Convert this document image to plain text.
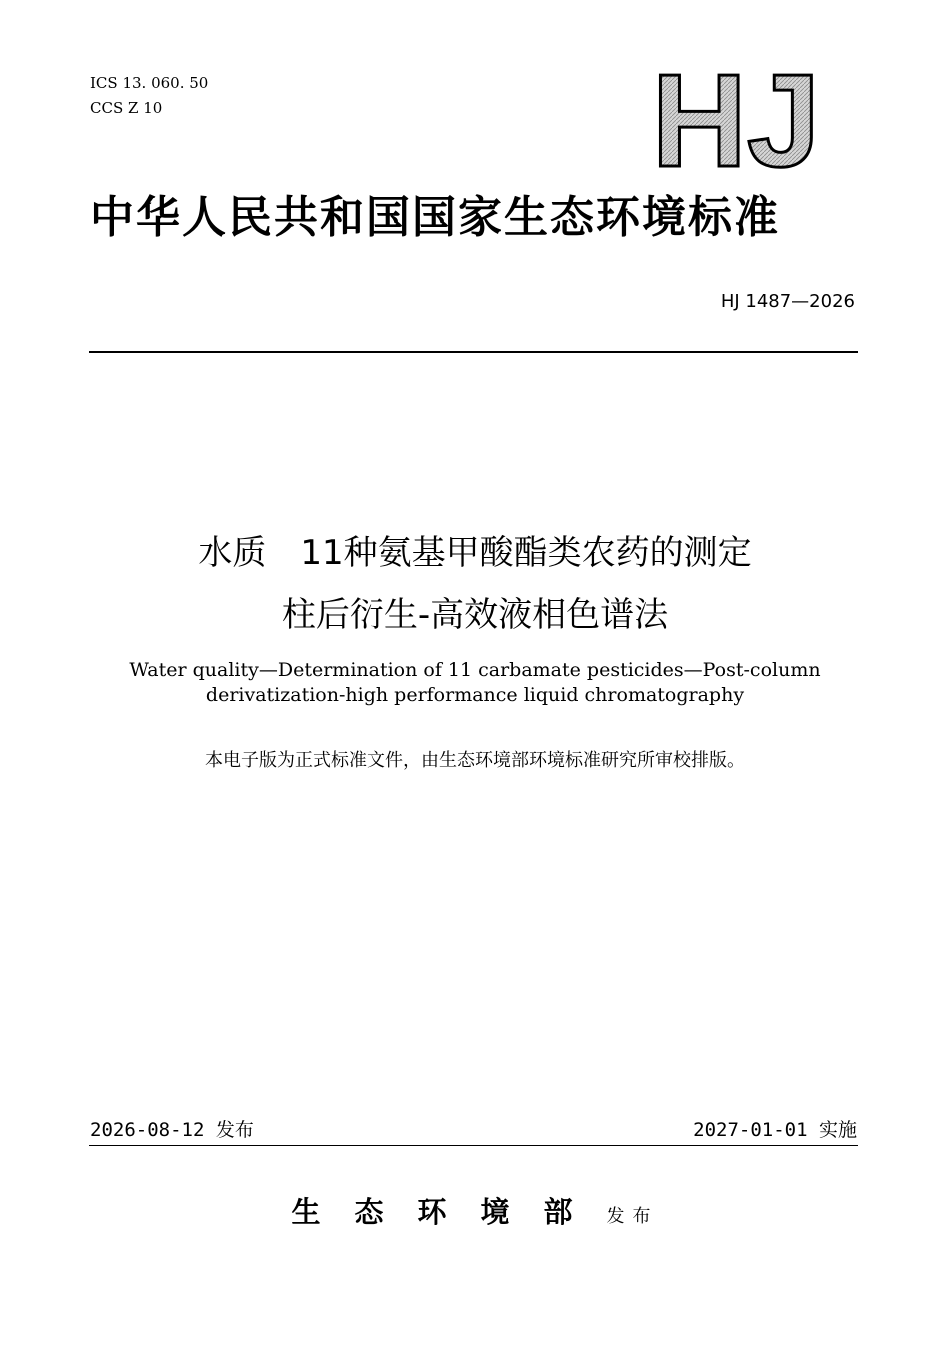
ICS 13. 060. 50
CCS Z 10	HJ
中华人民共和国国家生态环境标准
HJ 1487—2026
水质　11种氨基甲酸酯类农药的测定
柱后衍生-高效液相色谱法
Water quality—Determination of 11 carbamate pesticides—Post-column
derivatization-high performance liquid chromatography
本电子版为正式标准文件，由生态环境部环境标准研究所审校排版。
2026-08-12 发布	2027-01-01 实施
生态环境部发布
